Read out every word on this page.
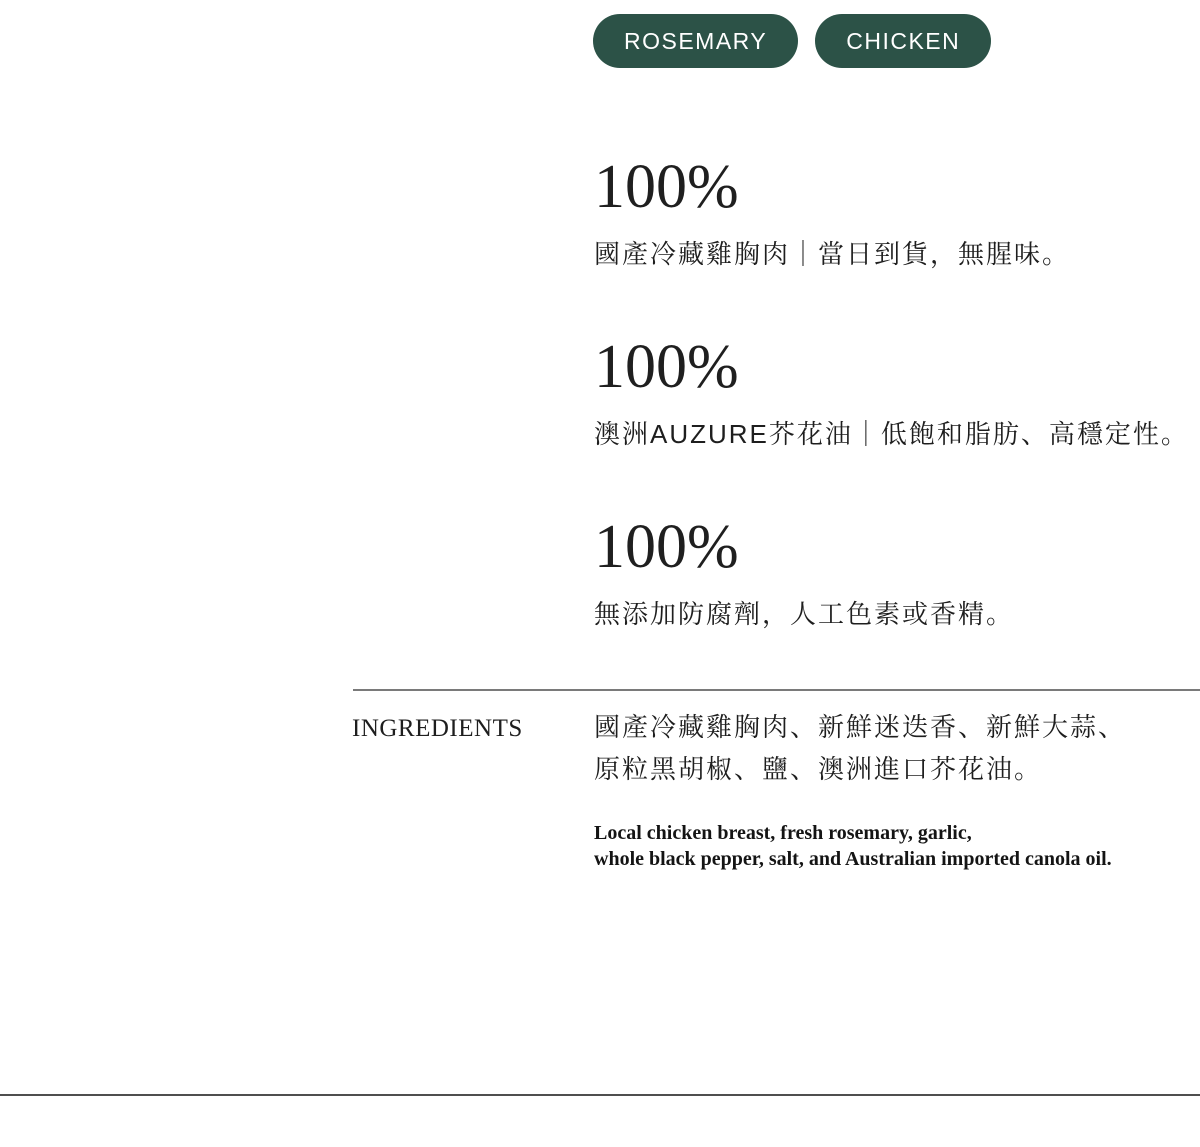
ROSEMARY	CHICKEN
100%

國產冷藏雞胸肉｜當日到貨，無腥味。

100%

澳洲AUZURE芥花油｜低飽和脂肪、高穩定性。

100%

無添加防腐劑，人工色素或香精。

INGREDIENTS	國產冷藏雞胸肉、新鮮迷迭香、新鮮大蒜、
原粒黑胡椒、鹽、澳洲進口芥花油。
Local chicken breast, fresh rosemary, garlic,
whole black pepper, salt, and Australian imported canola oil.
